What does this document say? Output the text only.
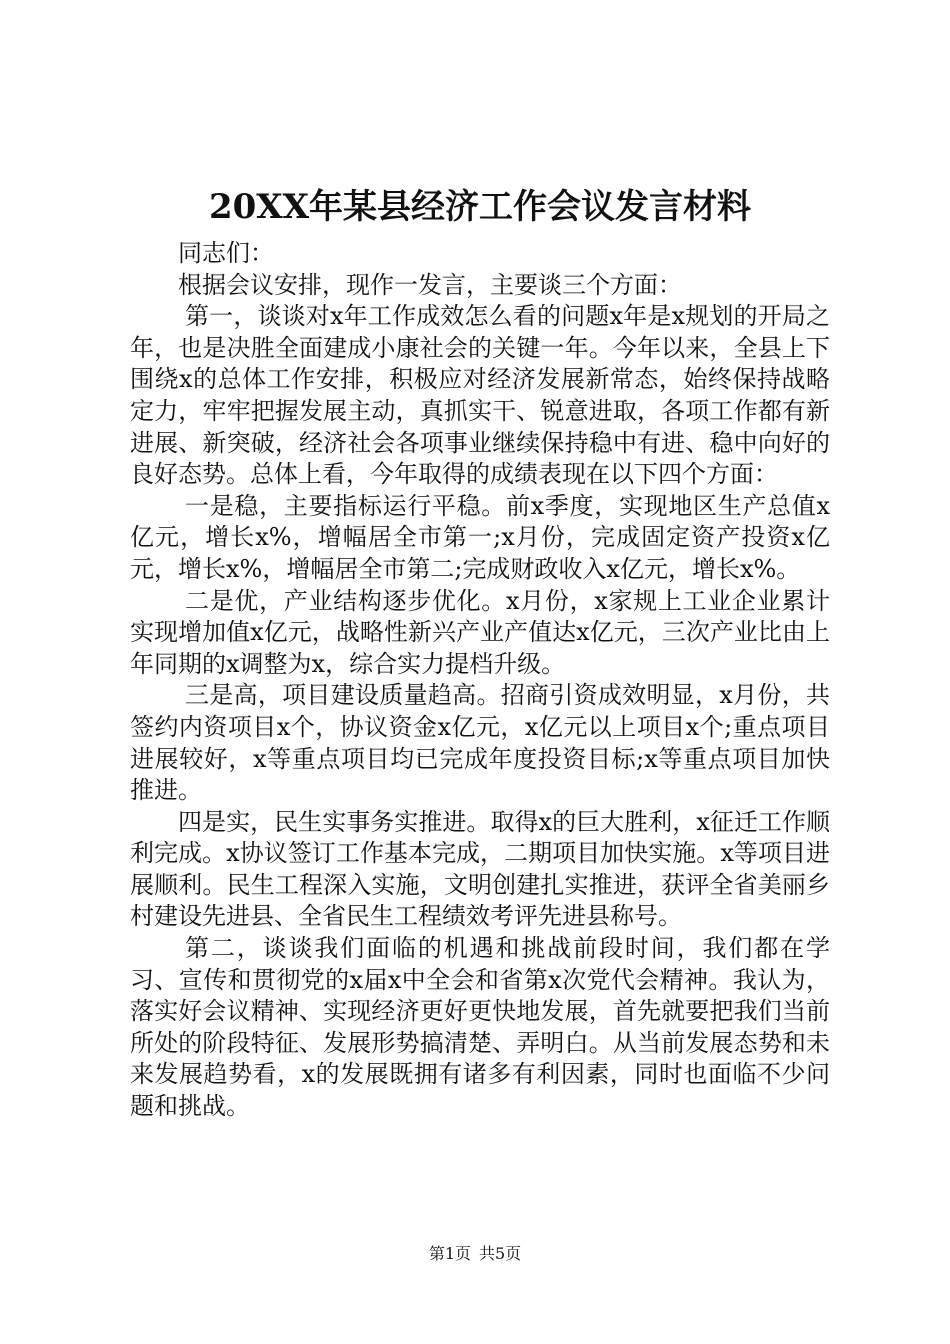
20XX年某县经济工作会议发言材料

同志们：

根据会议安排，现作一发言，主要谈三个方面：

第一，谈谈对x年工作成效怎么看的问题x年是x规划的开局之年，也是决胜全面建成小康社会的关键一年。今年以来，全县上下围绕x的总体工作安排，积极应对经济发展新常态，始终保持战略定力，牢牢把握发展主动，真抓实干、锐意进取，各项工作都有新进展、新突破，经济社会各项事业继续保持稳中有进、稳中向好的良好态势。总体上看，今年取得的成绩表现在以下四个方面：

一是稳，主要指标运行平稳。前x季度，实现地区生产总值x亿元，增长x%，增幅居全市第一;x月份，完成固定资产投资x亿元，增长x%，增幅居全市第二;完成财政收入x亿元，增长x%。

二是优，产业结构逐步优化。x月份，x家规上工业企业累计实现增加值x亿元，战略性新兴产业产值达x亿元，三次产业比由上年同期的x调整为x，综合实力提档升级。

三是高，项目建设质量趋高。招商引资成效明显，x月份，共签约内资项目x个，协议资金x亿元，x亿元以上项目x个;重点项目进展较好，x等重点项目均已完成年度投资目标;x等重点项目加快推进。

四是实，民生实事务实推进。取得x的巨大胜利，x征迁工作顺利完成。x协议签订工作基本完成，二期项目加快实施。x等项目进展顺利。民生工程深入实施，文明创建扎实推进，获评全省美丽乡村建设先进县、全省民生工程绩效考评先进县称号。

第二，谈谈我们面临的机遇和挑战前段时间，我们都在学习、宣传和贯彻党的x届x中全会和省第x次党代会精神。我认为，落实好会议精神、实现经济更好更快地发展，首先就要把我们当前所处的阶段特征、发展形势搞清楚、弄明白。从当前发展态势和未来发展趋势看，x的发展既拥有诸多有利因素，同时也面临不少问题和挑战。

第1页 共5页
